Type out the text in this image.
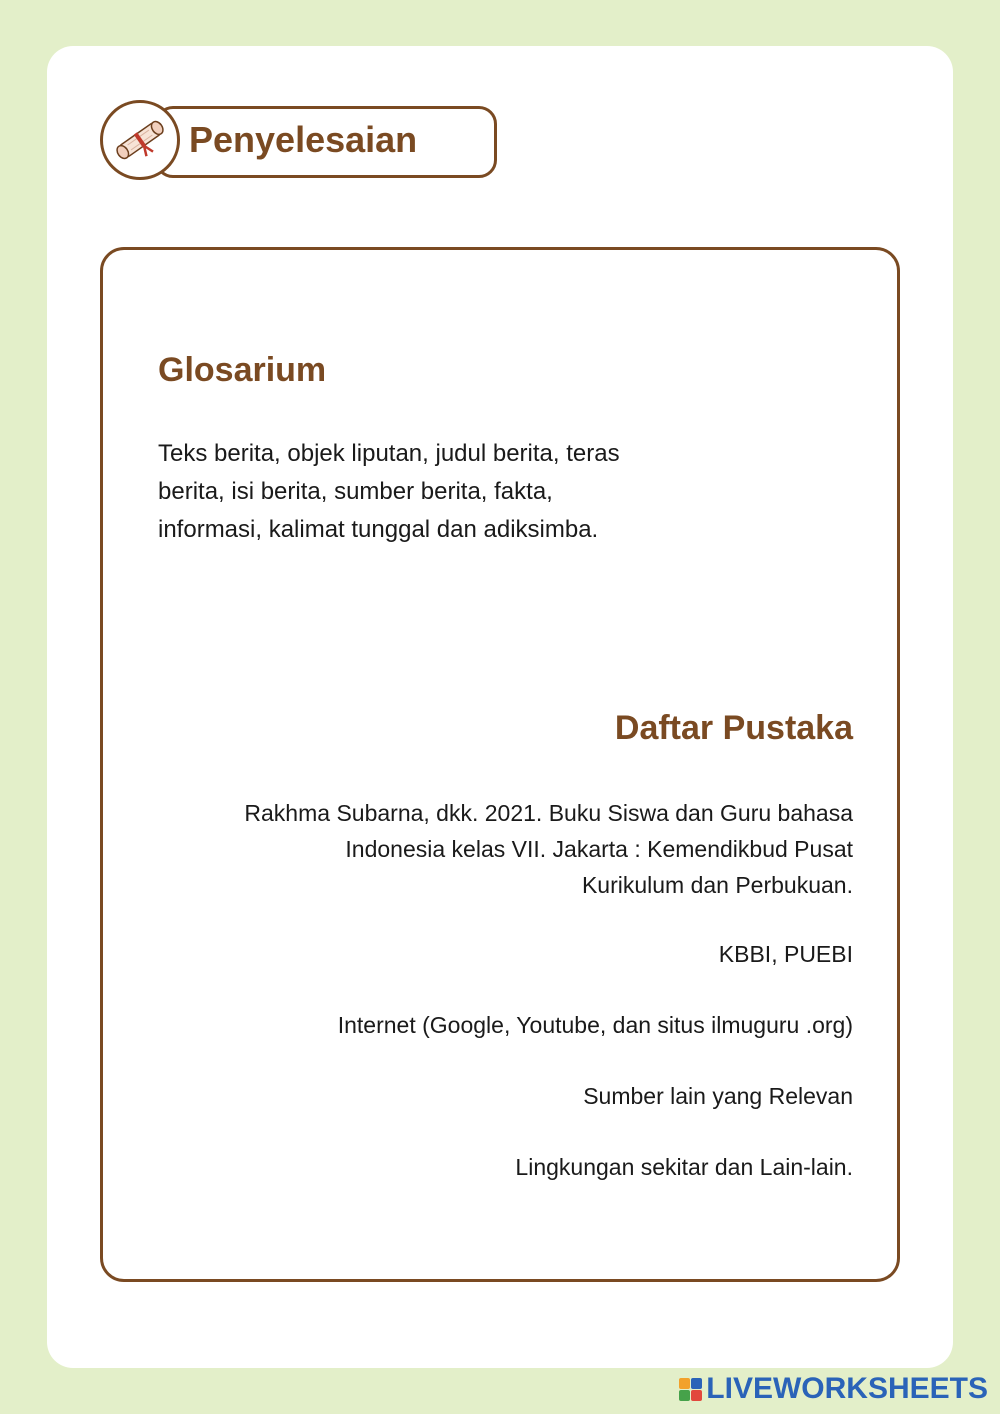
Penyelesaian
Glosarium
Teks berita, objek liputan, judul berita, teras
berita, isi berita, sumber berita, fakta,
informasi, kalimat tunggal dan adiksimba.
Daftar Pustaka
Rakhma Subarna, dkk. 2021. Buku Siswa dan Guru bahasa
Indonesia kelas VII. Jakarta : Kemendikbud Pusat
Kurikulum dan Perbukuan.
KBBI, PUEBI
Internet (Google, Youtube, dan situs ilmuguru .org)
Sumber lain yang Relevan
Lingkungan sekitar dan Lain-lain.
LIVEWORKSHEETS
